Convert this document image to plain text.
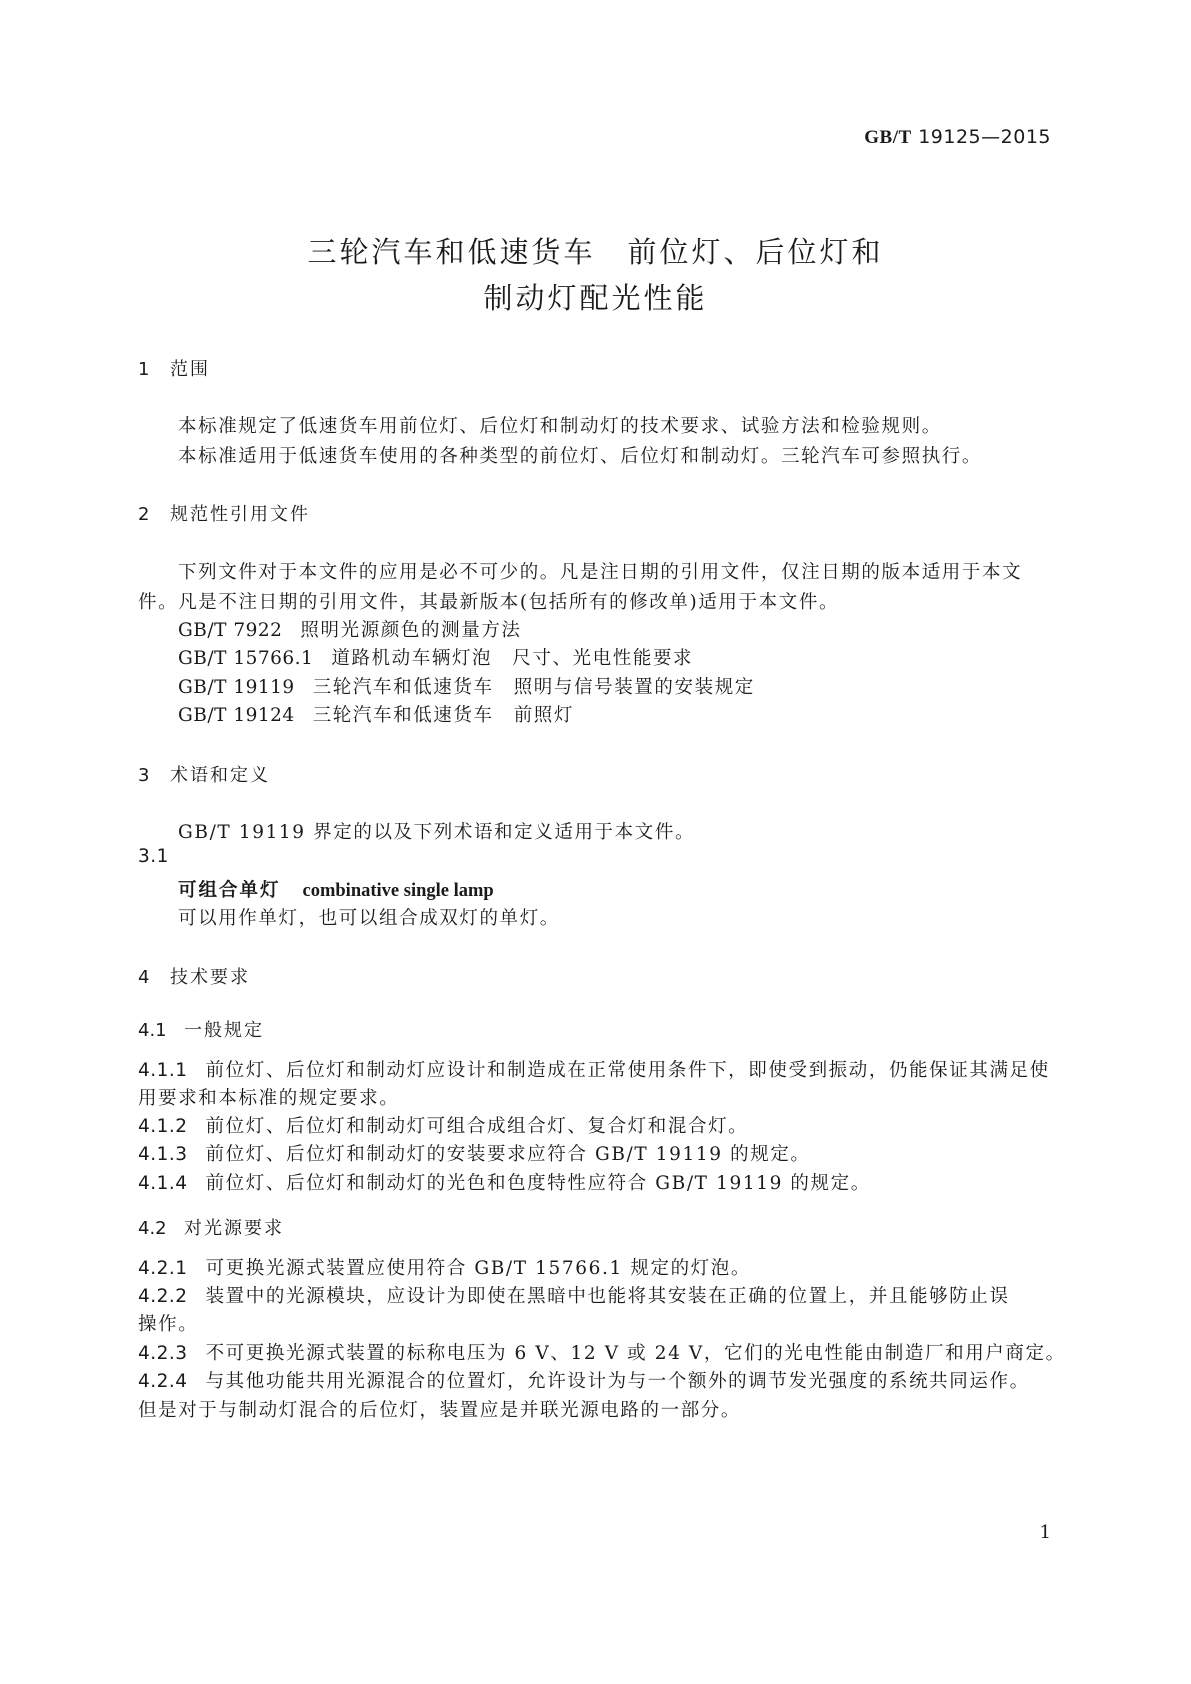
GB/T 19125—2015
三轮汽车和低速货车　前位灯、后位灯和
制动灯配光性能
1 范围
本标准规定了低速货车用前位灯、后位灯和制动灯的技术要求、试验方法和检验规则。
本标准适用于低速货车使用的各种类型的前位灯、后位灯和制动灯。三轮汽车可参照执行。
2 规范性引用文件
下列文件对于本文件的应用是必不可少的。凡是注日期的引用文件，仅注日期的版本适用于本文
件。凡是不注日期的引用文件，其最新版本(包括所有的修改单)适用于本文件。
GB/T 7922 照明光源颜色的测量方法
GB/T 15766.1 道路机动车辆灯泡　尺寸、光电性能要求
GB/T 19119 三轮汽车和低速货车　照明与信号装置的安装规定
GB/T 19124 三轮汽车和低速货车　前照灯
3 术语和定义
GB/T 19119 界定的以及下列术语和定义适用于本文件。
3.1
可组合单灯 combinative single lamp
可以用作单灯，也可以组合成双灯的单灯。
4 技术要求
4.1 一般规定
4.1.1 前位灯、后位灯和制动灯应设计和制造成在正常使用条件下，即使受到振动，仍能保证其满足使
用要求和本标准的规定要求。
4.1.2 前位灯、后位灯和制动灯可组合成组合灯、复合灯和混合灯。
4.1.3 前位灯、后位灯和制动灯的安装要求应符合 GB/T 19119 的规定。
4.1.4 前位灯、后位灯和制动灯的光色和色度特性应符合 GB/T 19119 的规定。
4.2 对光源要求
4.2.1 可更换光源式装置应使用符合 GB/T 15766.1 规定的灯泡。
4.2.2 装置中的光源模块，应设计为即使在黑暗中也能将其安装在正确的位置上，并且能够防止误
操作。
4.2.3 不可更换光源式装置的标称电压为 6 V、12 V 或 24 V，它们的光电性能由制造厂和用户商定。
4.2.4 与其他功能共用光源混合的位置灯，允许设计为与一个额外的调节发光强度的系统共同运作。
但是对于与制动灯混合的后位灯，装置应是并联光源电路的一部分。
1
